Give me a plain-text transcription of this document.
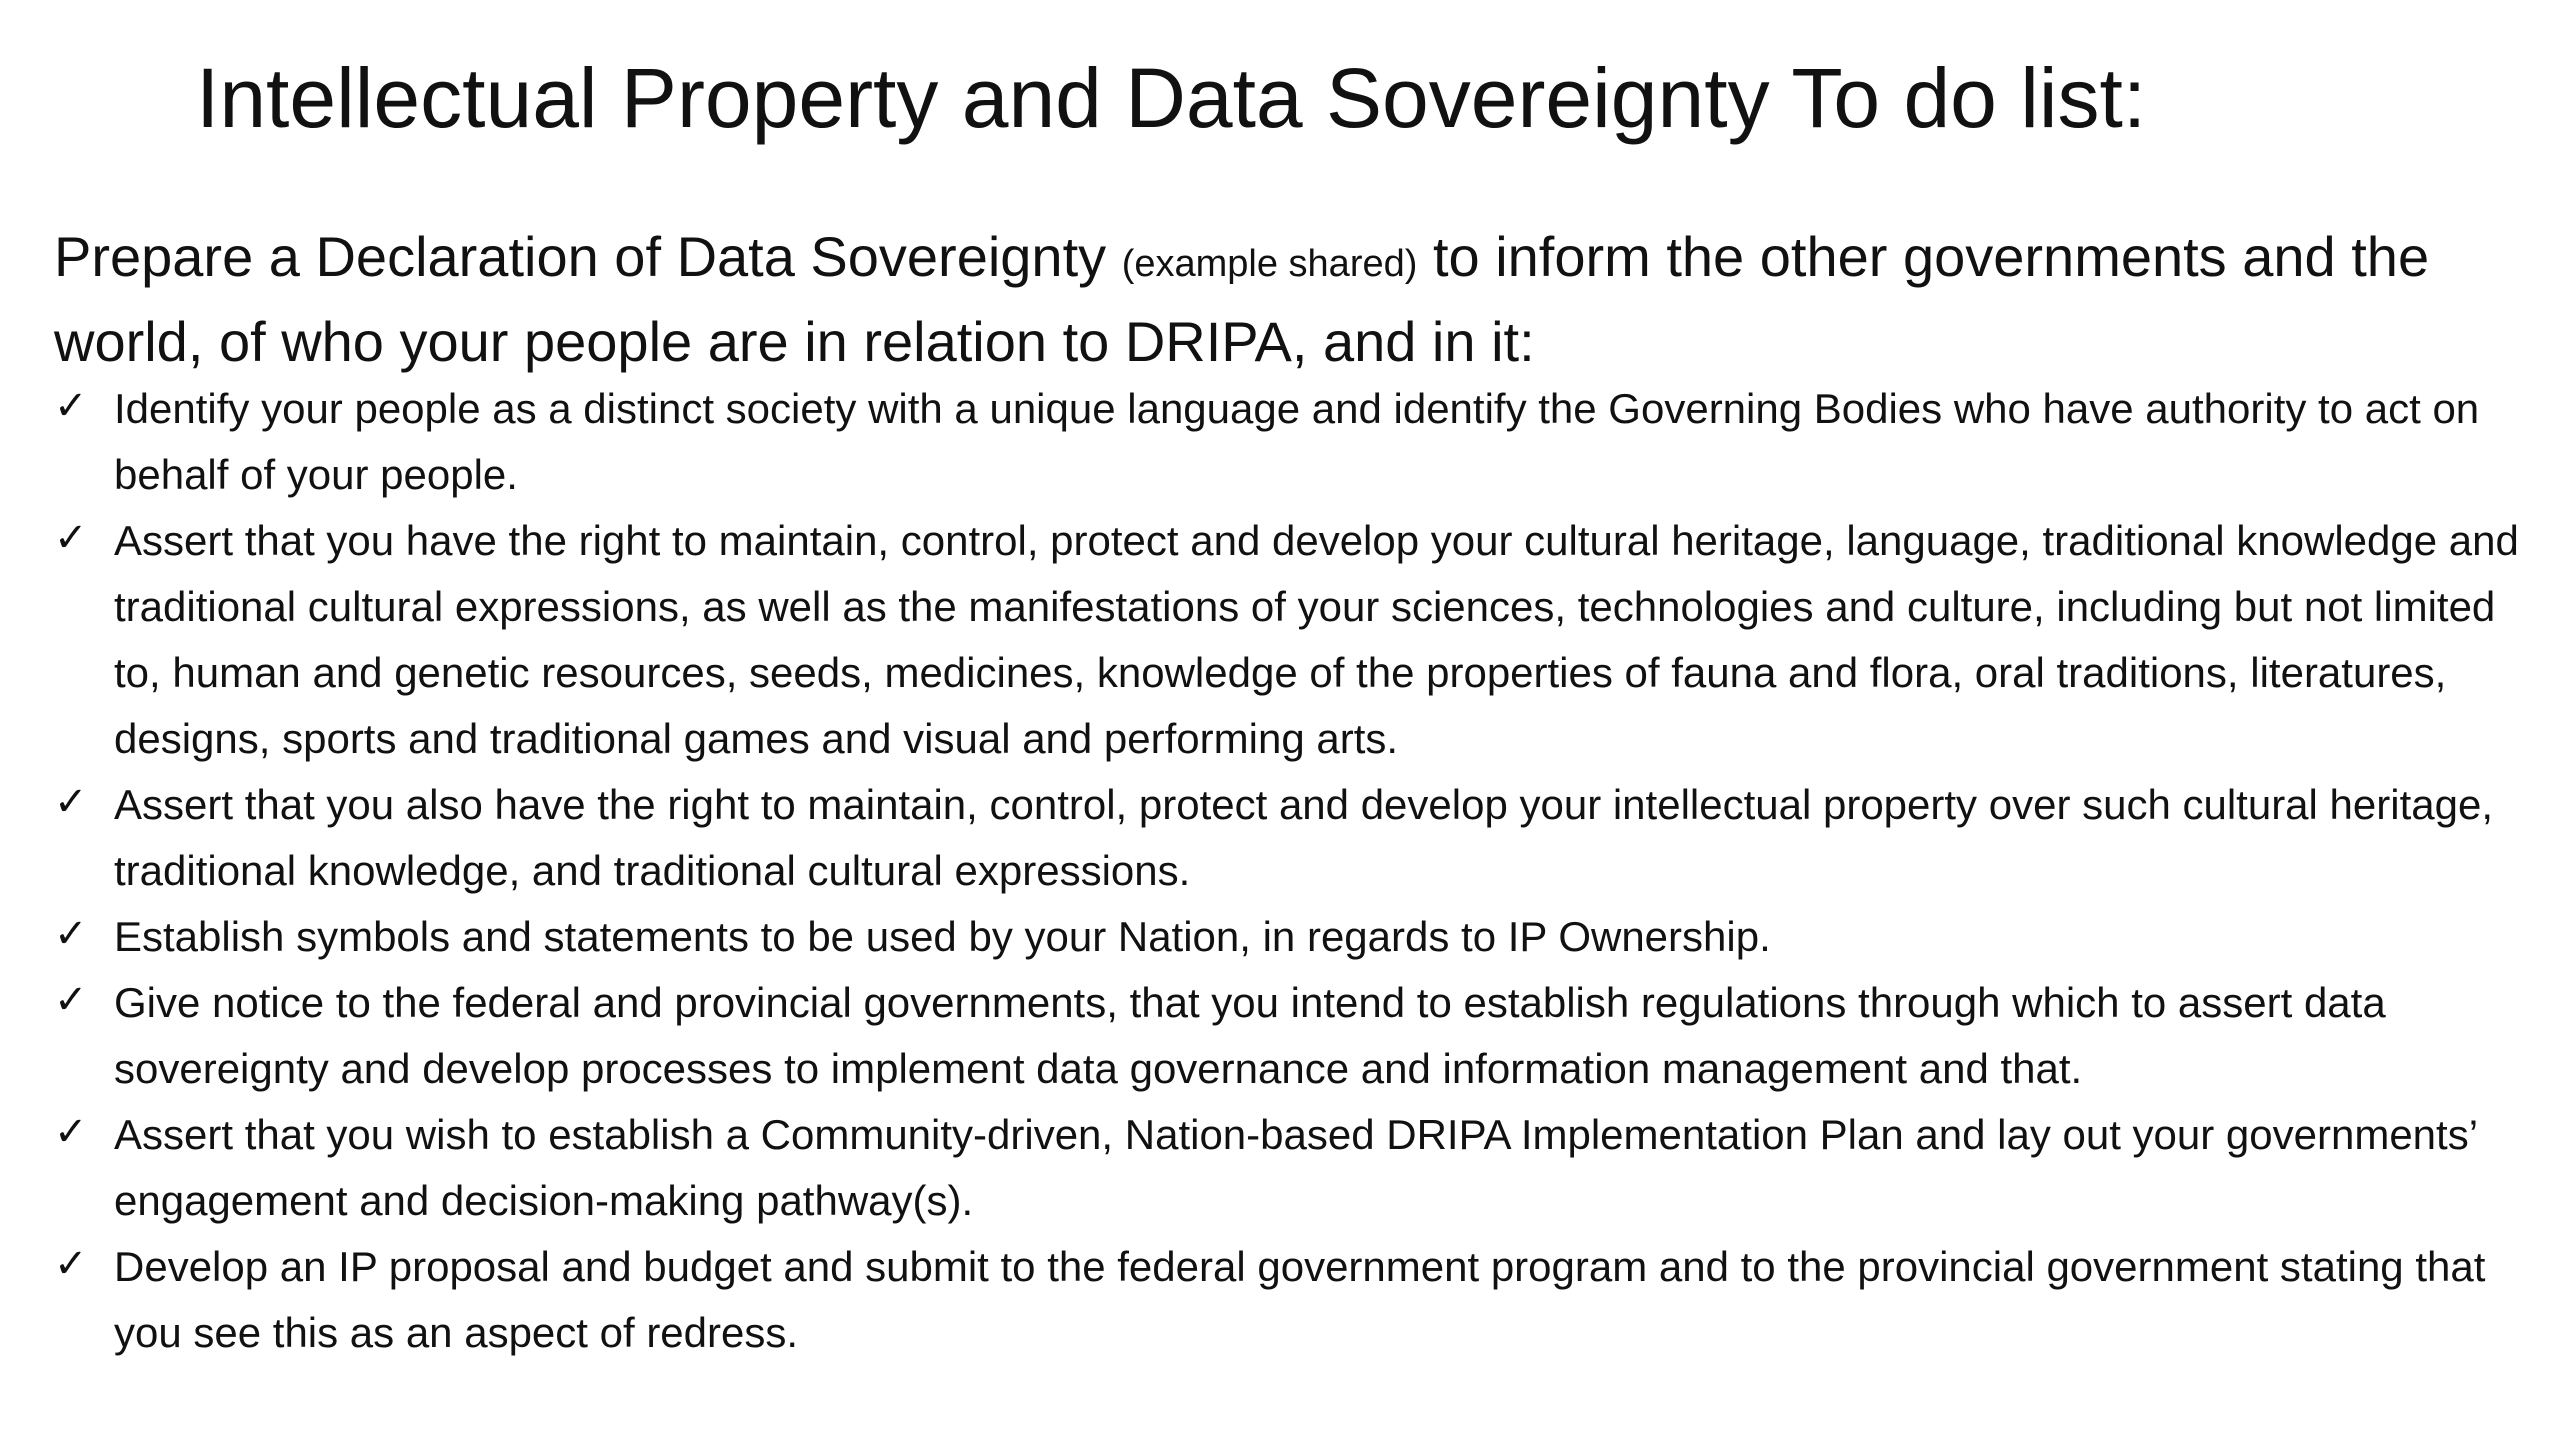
Intellectual Property and Data Sovereignty To do list:

Prepare a Declaration of Data Sovereignty (example shared) to inform the other governments and the world, of who your people are in relation to DRIPA, and in it:

✓ Identify your people as a distinct society with a unique language and identify the Governing Bodies who have authority to act on behalf of your people.
✓ Assert that you have the right to maintain, control, protect and develop your cultural heritage, language, traditional knowledge and traditional cultural expressions, as well as the manifestations of your sciences, technologies and culture, including but not limited to, human and genetic resources, seeds, medicines, knowledge of the properties of fauna and flora, oral traditions, literatures, designs, sports and traditional games and visual and performing arts.
✓ Assert that you also have the right to maintain, control, protect and develop your intellectual property over such cultural heritage, traditional knowledge, and traditional cultural expressions.
✓ Establish symbols and statements to be used by your Nation, in regards to IP Ownership.
✓ Give notice to the federal and provincial governments, that you intend to establish regulations through which to assert data sovereignty and develop processes to implement data governance and information management and that.
✓ Assert that you wish to establish a Community-driven, Nation-based DRIPA Implementation Plan and lay out your governments’ engagement and decision-making pathway(s).
✓ Develop an IP proposal and budget and submit to the federal government program and to the provincial government stating that you see this as an aspect of redress.
